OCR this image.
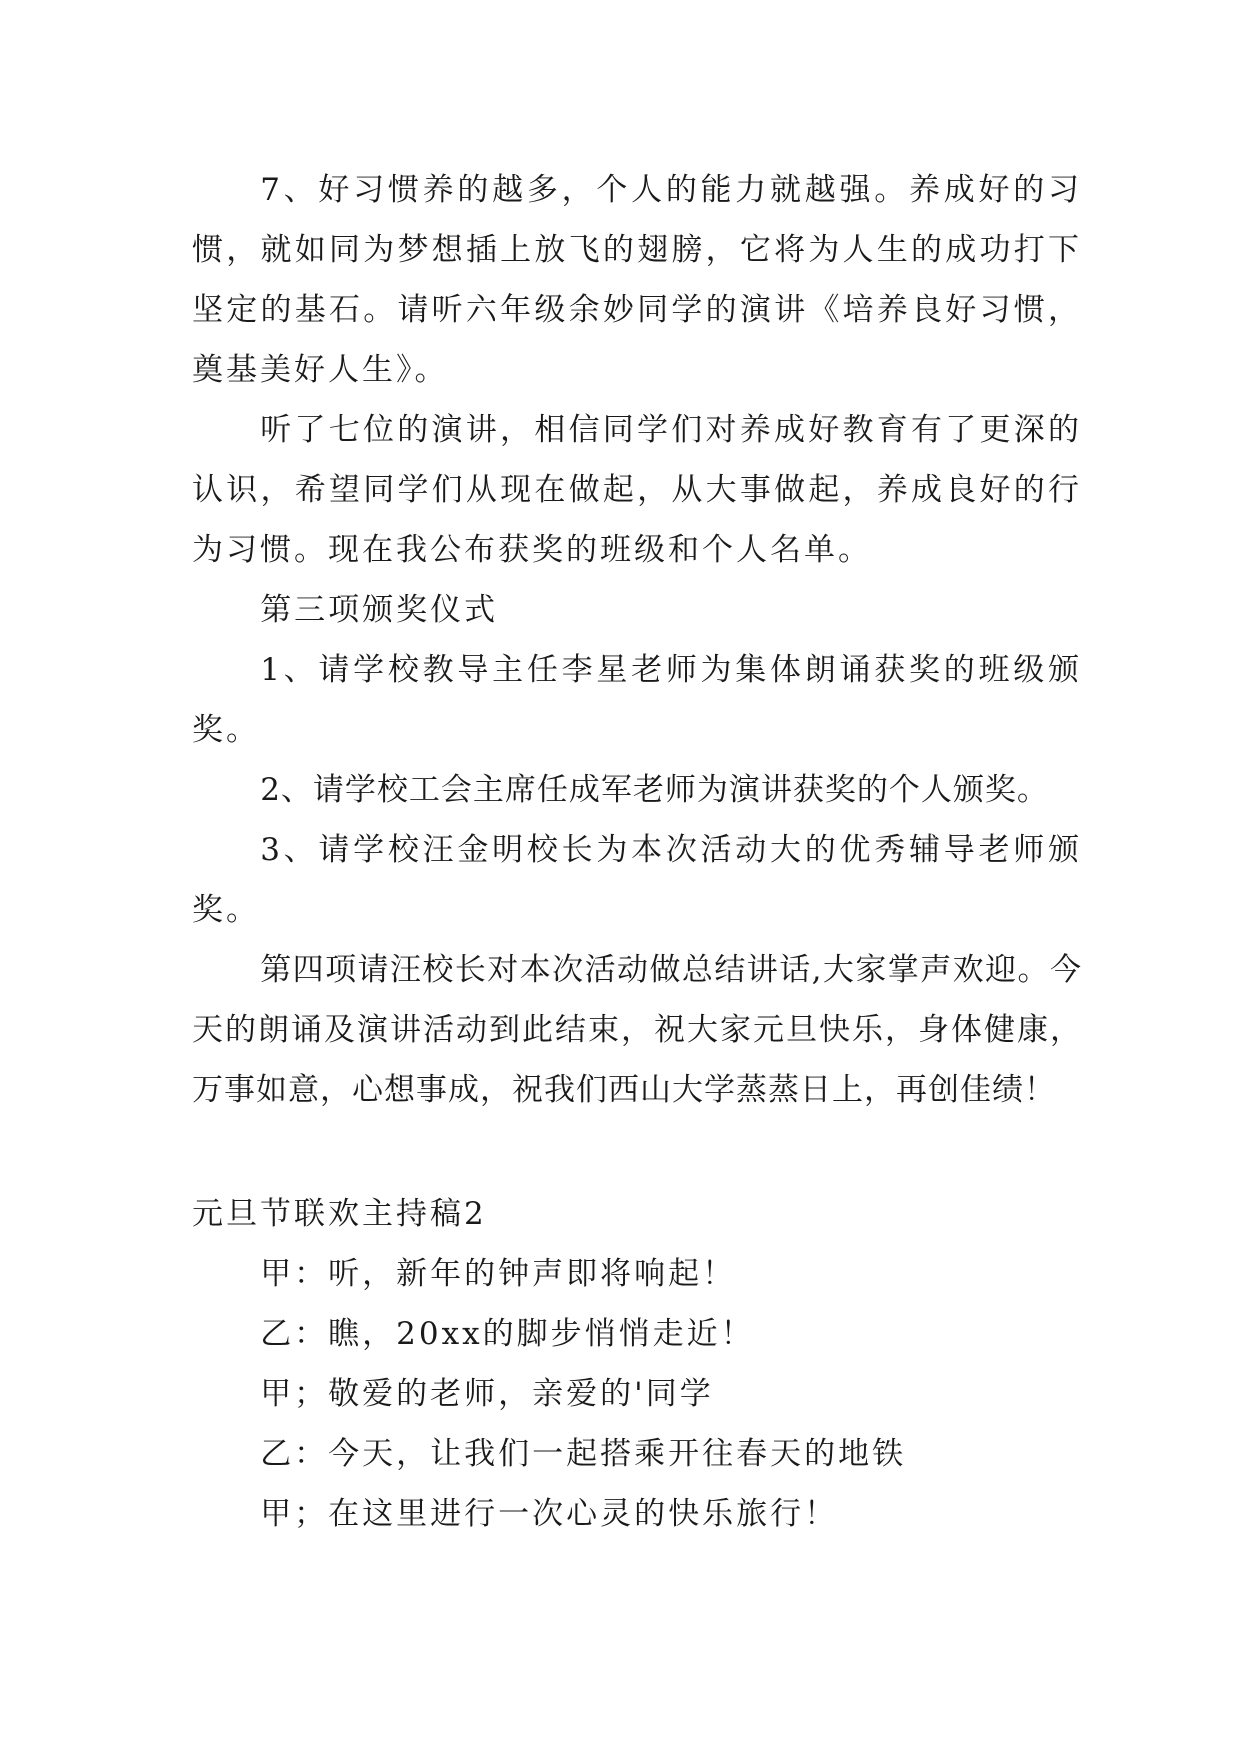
7、好习惯养的越多，个人的能力就越强。养成好的习惯，就如同为梦想插上放飞的翅膀，它将为人生的成功打下坚定的基石。请听六年级余妙同学的演讲《培养良好习惯，奠基美好人生》。

听了七位的演讲，相信同学们对养成好教育有了更深的认识，希望同学们从现在做起，从大事做起，养成良好的行为习惯。现在我公布获奖的班级和个人名单。

第三项颁奖仪式

1、请学校教导主任李星老师为集体朗诵获奖的班级颁奖。

2、请学校工会主席任成军老师为演讲获奖的个人颁奖。

3、请学校汪金明校长为本次活动大的优秀辅导老师颁奖。

第四项请汪校长对本次活动做总结讲话,大家掌声欢迎。今天的朗诵及演讲活动到此结束，祝大家元旦快乐，身体健康，万事如意，心想事成，祝我们西山大学蒸蒸日上，再创佳绩！

元旦节联欢主持稿2

甲：听，新年的钟声即将响起！

乙：瞧，20xx的脚步悄悄走近！

甲；敬爱的老师，亲爱的'同学

乙：今天，让我们一起搭乘开往春天的地铁

甲；在这里进行一次心灵的快乐旅行！
